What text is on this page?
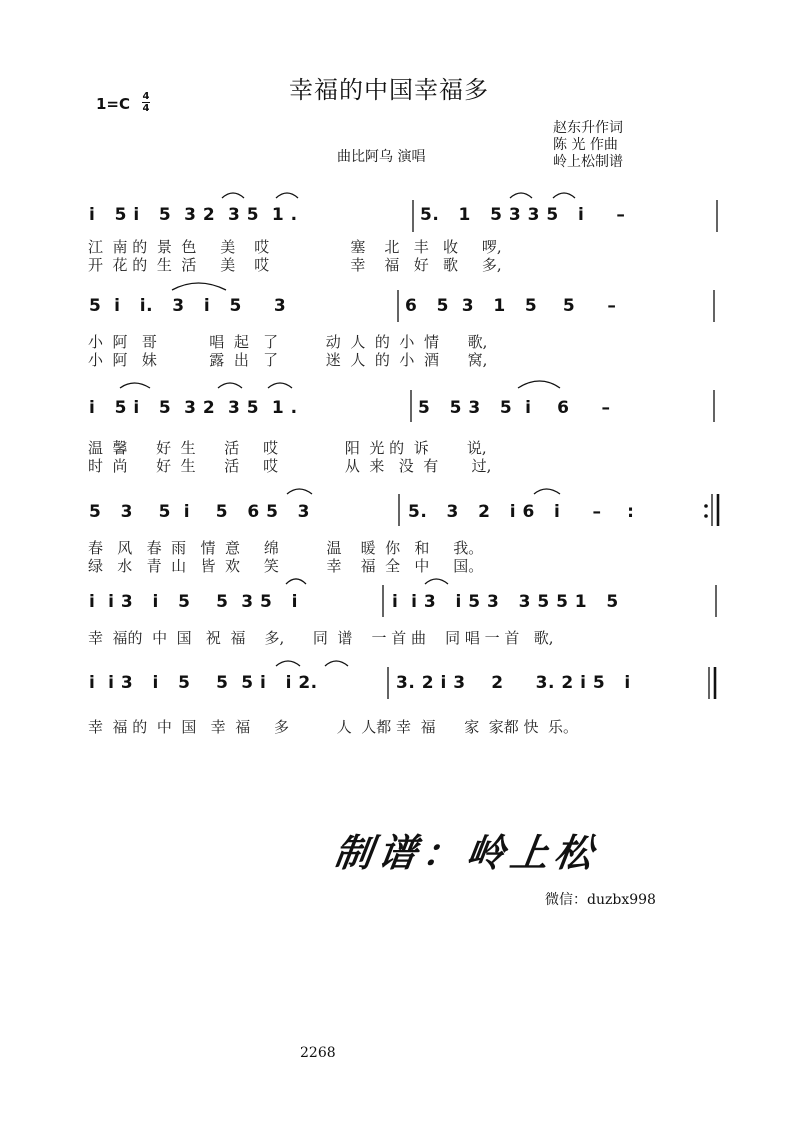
幸福的中国幸福多
1=C 4
4
赵东升作词
陈 光 作曲
岭上松制谱
曲比阿乌 演唱
i   5 i   5  3 2  3 5  1 .	5.   1   5 3 3 5   i     –
江  南 的  景  色     美    哎                 塞    北   丰   收     啰,
开  花 的  生  活     美    哎                 幸    福   好   歌     多,
5  i   i.   3   i   5     3	6   5  3   1   5    5     –
小  阿   哥           唱  起   了          动  人  的  小  情      歌,
小  阿   妹           露  出   了          迷  人  的  小  酒      窝,
i   5 i   5  3 2  3 5  1 .	5   5 3   5  i    6     –
温  馨      好  生      活     哎              阳  光 的  诉        说,
时  尚      好  生      活     哎              从  来   没  有       过,
5   3    5  i    5   6 5   3	5.   3   2   i 6   i     –    :
春   风   春  雨   情  意     绵          温    暖  你   和     我。
绿   水   青  山   皆  欢     笑          幸    福  全   中     国。
i  i 3   i   5    5  3 5   i	i  i 3   i 5 3   3 5 5 1   5
幸  福的  中  国   祝  福    多,      同  谱    一 首 曲    同 唱 一 首   歌,
i  i 3   i   5    5  5 i   i 2.	3. 2 i 3    2     3. 2 i 5   i
幸  福 的  中  国   幸  福     多          人  人都 幸  福      家  家都 快  乐。
制谱：岭上松
微信：duzbx998
2268
